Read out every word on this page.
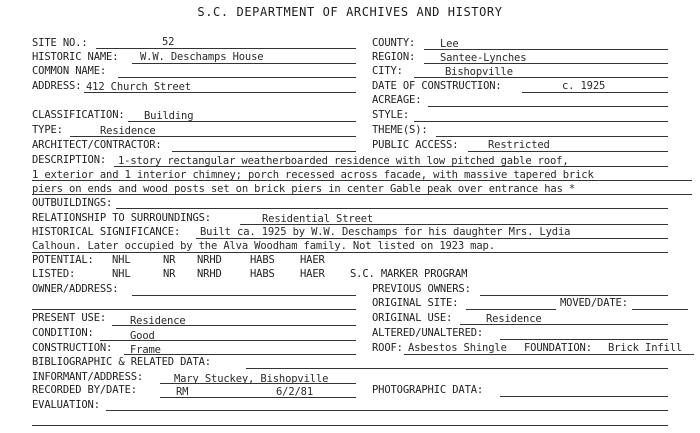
S.C. DEPARTMENT OF ARCHIVES AND HISTORY
SITE NO.:	52	COUNTY: Lee
HISTORIC NAME: W.W. Deschamps House	REGION: Santee-Lynches
COMMON NAME:	CITY:	Bishopville
ADDRESS: 412 Church Street	DATE OF CONSTRUCTION:	c. 1925
ACREAGE:
CLASSIFICATION: Building	STYLE:
TYPE:	Residence	THEME(S):
ARCHITECT/CONTRACTOR:	PUBLIC ACCESS:	Restricted
DESCRIPTION: 1-story rectangular weatherboarded residence with low pitched gable roof,
1 exterior and 1 interior chimney; porch recessed across facade, with massive tapered brick
piers on ends and wood posts set on brick piers in center Gable peak over entrance has *
OUTBUILDINGS:
RELATIONSHIP TO SURROUNDINGS:	Residential Street
HISTORICAL SIGNIFICANCE: Built ca. 1925 by W.W. Deschamps for his daughter Mrs. Lydia
Calhoun. Later occupied by the Alva Woodham family. Not listed on 1923 map.
POTENTIAL: NHL	NR NRHD	HABS HAER
LISTED:	NHL	NR NRHD	HABS HAER S.C. MARKER PROGRAM
OWNER/ADDRESS:	PREVIOUS OWNERS:
ORIGINAL SITE:	MOVED/DATE:
PRESENT USE: Residence	ORIGINAL USE:	Residence
CONDITION:	Good	ALTERED/UNALTERED:
CONSTRUCTION: Frame	ROOF: Asbestos Shingle FOUNDATION: Brick Infill
BIBLIOGRAPHIC & RELATED DATA:
INFORMANT/ADDRESS:	Mary Stuckey, Bishopville
RECORDED BY/DATE:	RM	6/2/81	PHOTOGRAPHIC DATA:
EVALUATION:
